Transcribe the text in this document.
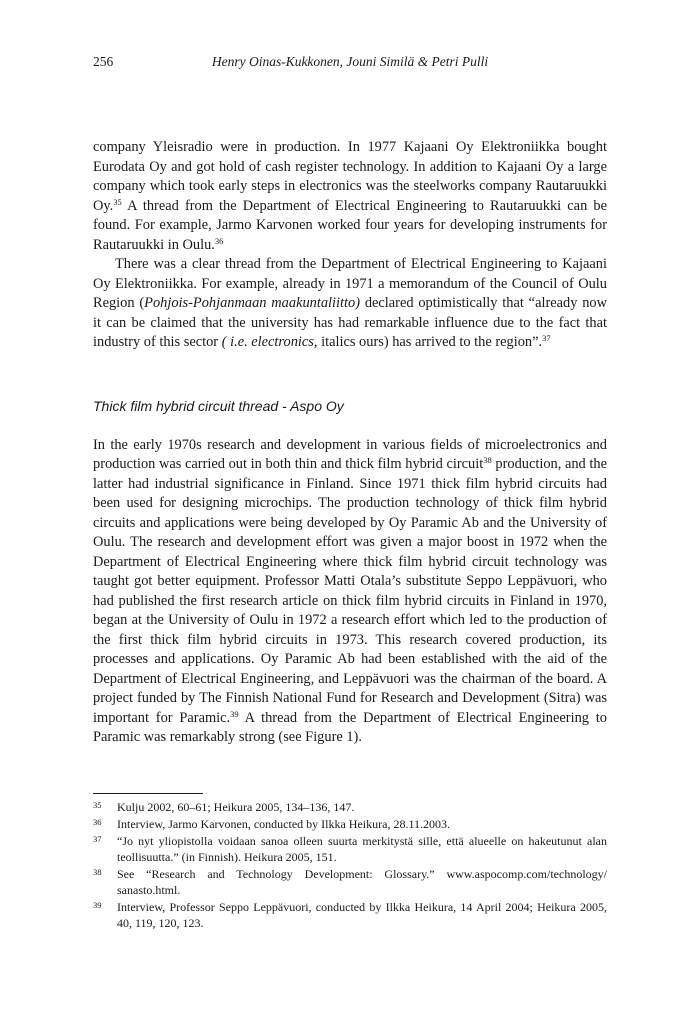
256	Henry Oinas-Kukkonen, Jouni Similä & Petri Pulli

company Yleisradio were in production. In 1977 Kajaani Oy Elektroniikka bought Eurodata Oy and got hold of cash register technology. In addition to Kajaani Oy a large company which took early steps in electronics was the steelworks company Rautaruukki Oy.$^{35}$ A thread from the Department of Electrical Engineering to Rautaruukki can be found. For example, Jarmo Karvonen worked four years for developing instruments for Rautaruukki in Oulu.$^{36}$

There was a clear thread from the Department of Electrical Engineering to Kajaani Oy Elektroniikka. For example, already in 1971 a memorandum of the Council of Oulu Region (Pohjois-Pohjanmaan maakuntaliitto) declared optimistically that “already now it can be claimed that the university has had remarkable influence due to the fact that industry of this sector ( i.e. electronics, italics ours) has arrived to the region”.$^{37}$

Thick film hybrid circuit thread - Aspo Oy

In the early 1970s research and development in various fields of microelectronics and production was carried out in both thin and thick film hybrid circuit$^{38}$ production, and the latter had industrial significance in Finland. Since 1971 thick film hybrid circuits had been used for designing microchips. The production technology of thick film hybrid circuits and applications were being developed by Oy Paramic Ab and the University of Oulu. The research and development effort was given a major boost in 1972 when the Department of Electrical Engineering where thick film hybrid circuit technology was taught got better equipment. Professor Matti Otala’s substitute Seppo Leppävuori, who had published the first research article on thick film hybrid circuits in Finland in 1970, began at the University of Oulu in 1972 a research effort which led to the production of the first thick film hybrid circuits in 1973. This research covered production, its processes and applications. Oy Paramic Ab had been established with the aid of the Department of Electrical Engineering, and Leppävuori was the chairman of the board. A project funded by The Finnish National Fund for Research and Development (Sitra) was important for Paramic.$^{39}$ A thread from the Department of Electrical Engineering to Paramic was remarkably strong (see Figure 1).

35 Kulju 2002, 60–61; Heikura 2005, 134–136, 147.
36 Interview, Jarmo Karvonen, conducted by Ilkka Heikura, 28.11.2003.
37 “Jo nyt yliopistolla voidaan sanoa olleen suurta merkitystä sille, että alueelle on hakeutunut alan teollisuutta.” (in Finnish). Heikura 2005, 151.
38 See “Research and Technology Development: Glossary.” www.aspocomp.com/technology/ sanasto.html.
39 Interview, Professor Seppo Leppävuori, conducted by Ilkka Heikura, 14 April 2004; Heikura 2005, 40, 119, 120, 123.
